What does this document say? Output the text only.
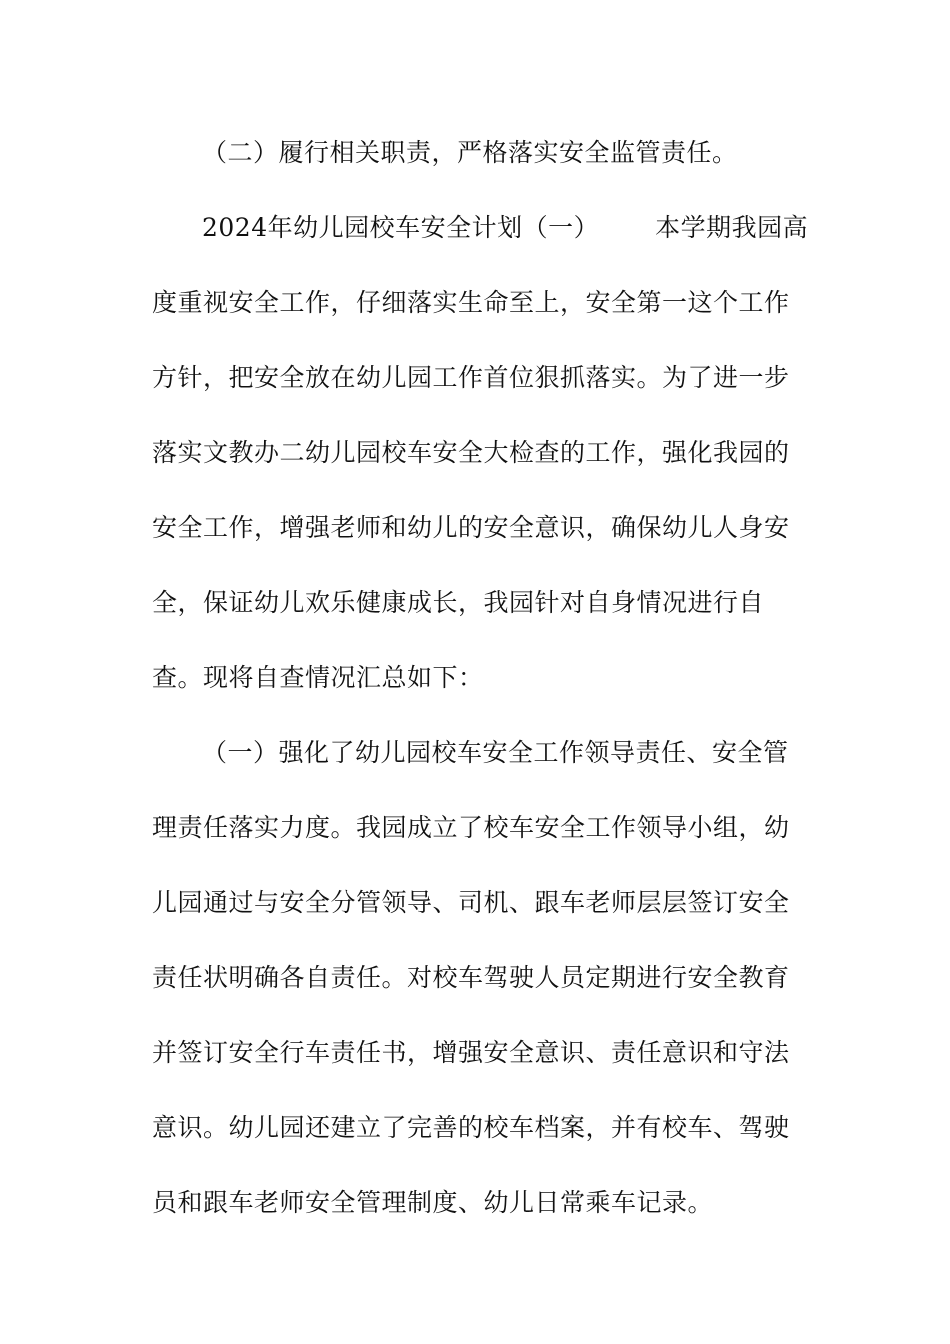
（二）履行相关职责，严格落实安全监管责任。
2024年幼儿园校车安全计划（一） 本学期我园高
度重视安全工作，仔细落实生命至上，安全第一这个工作
方针，把安全放在幼儿园工作首位狠抓落实。为了进一步
落实文教办二幼儿园校车安全大检查的工作，强化我园的
安全工作，增强老师和幼儿的安全意识，确保幼儿人身安
全，保证幼儿欢乐健康成长，我园针对自身情况进行自
查。现将自查情况汇总如下：
（一）强化了幼儿园校车安全工作领导责任、安全管
理责任落实力度。我园成立了校车安全工作领导小组，幼
儿园通过与安全分管领导、司机、跟车老师层层签订安全
责任状明确各自责任。对校车驾驶人员定期进行安全教育
并签订安全行车责任书，增强安全意识、责任意识和守法
意识。幼儿园还建立了完善的校车档案，并有校车、驾驶
员和跟车老师安全管理制度、幼儿日常乘车记录。
